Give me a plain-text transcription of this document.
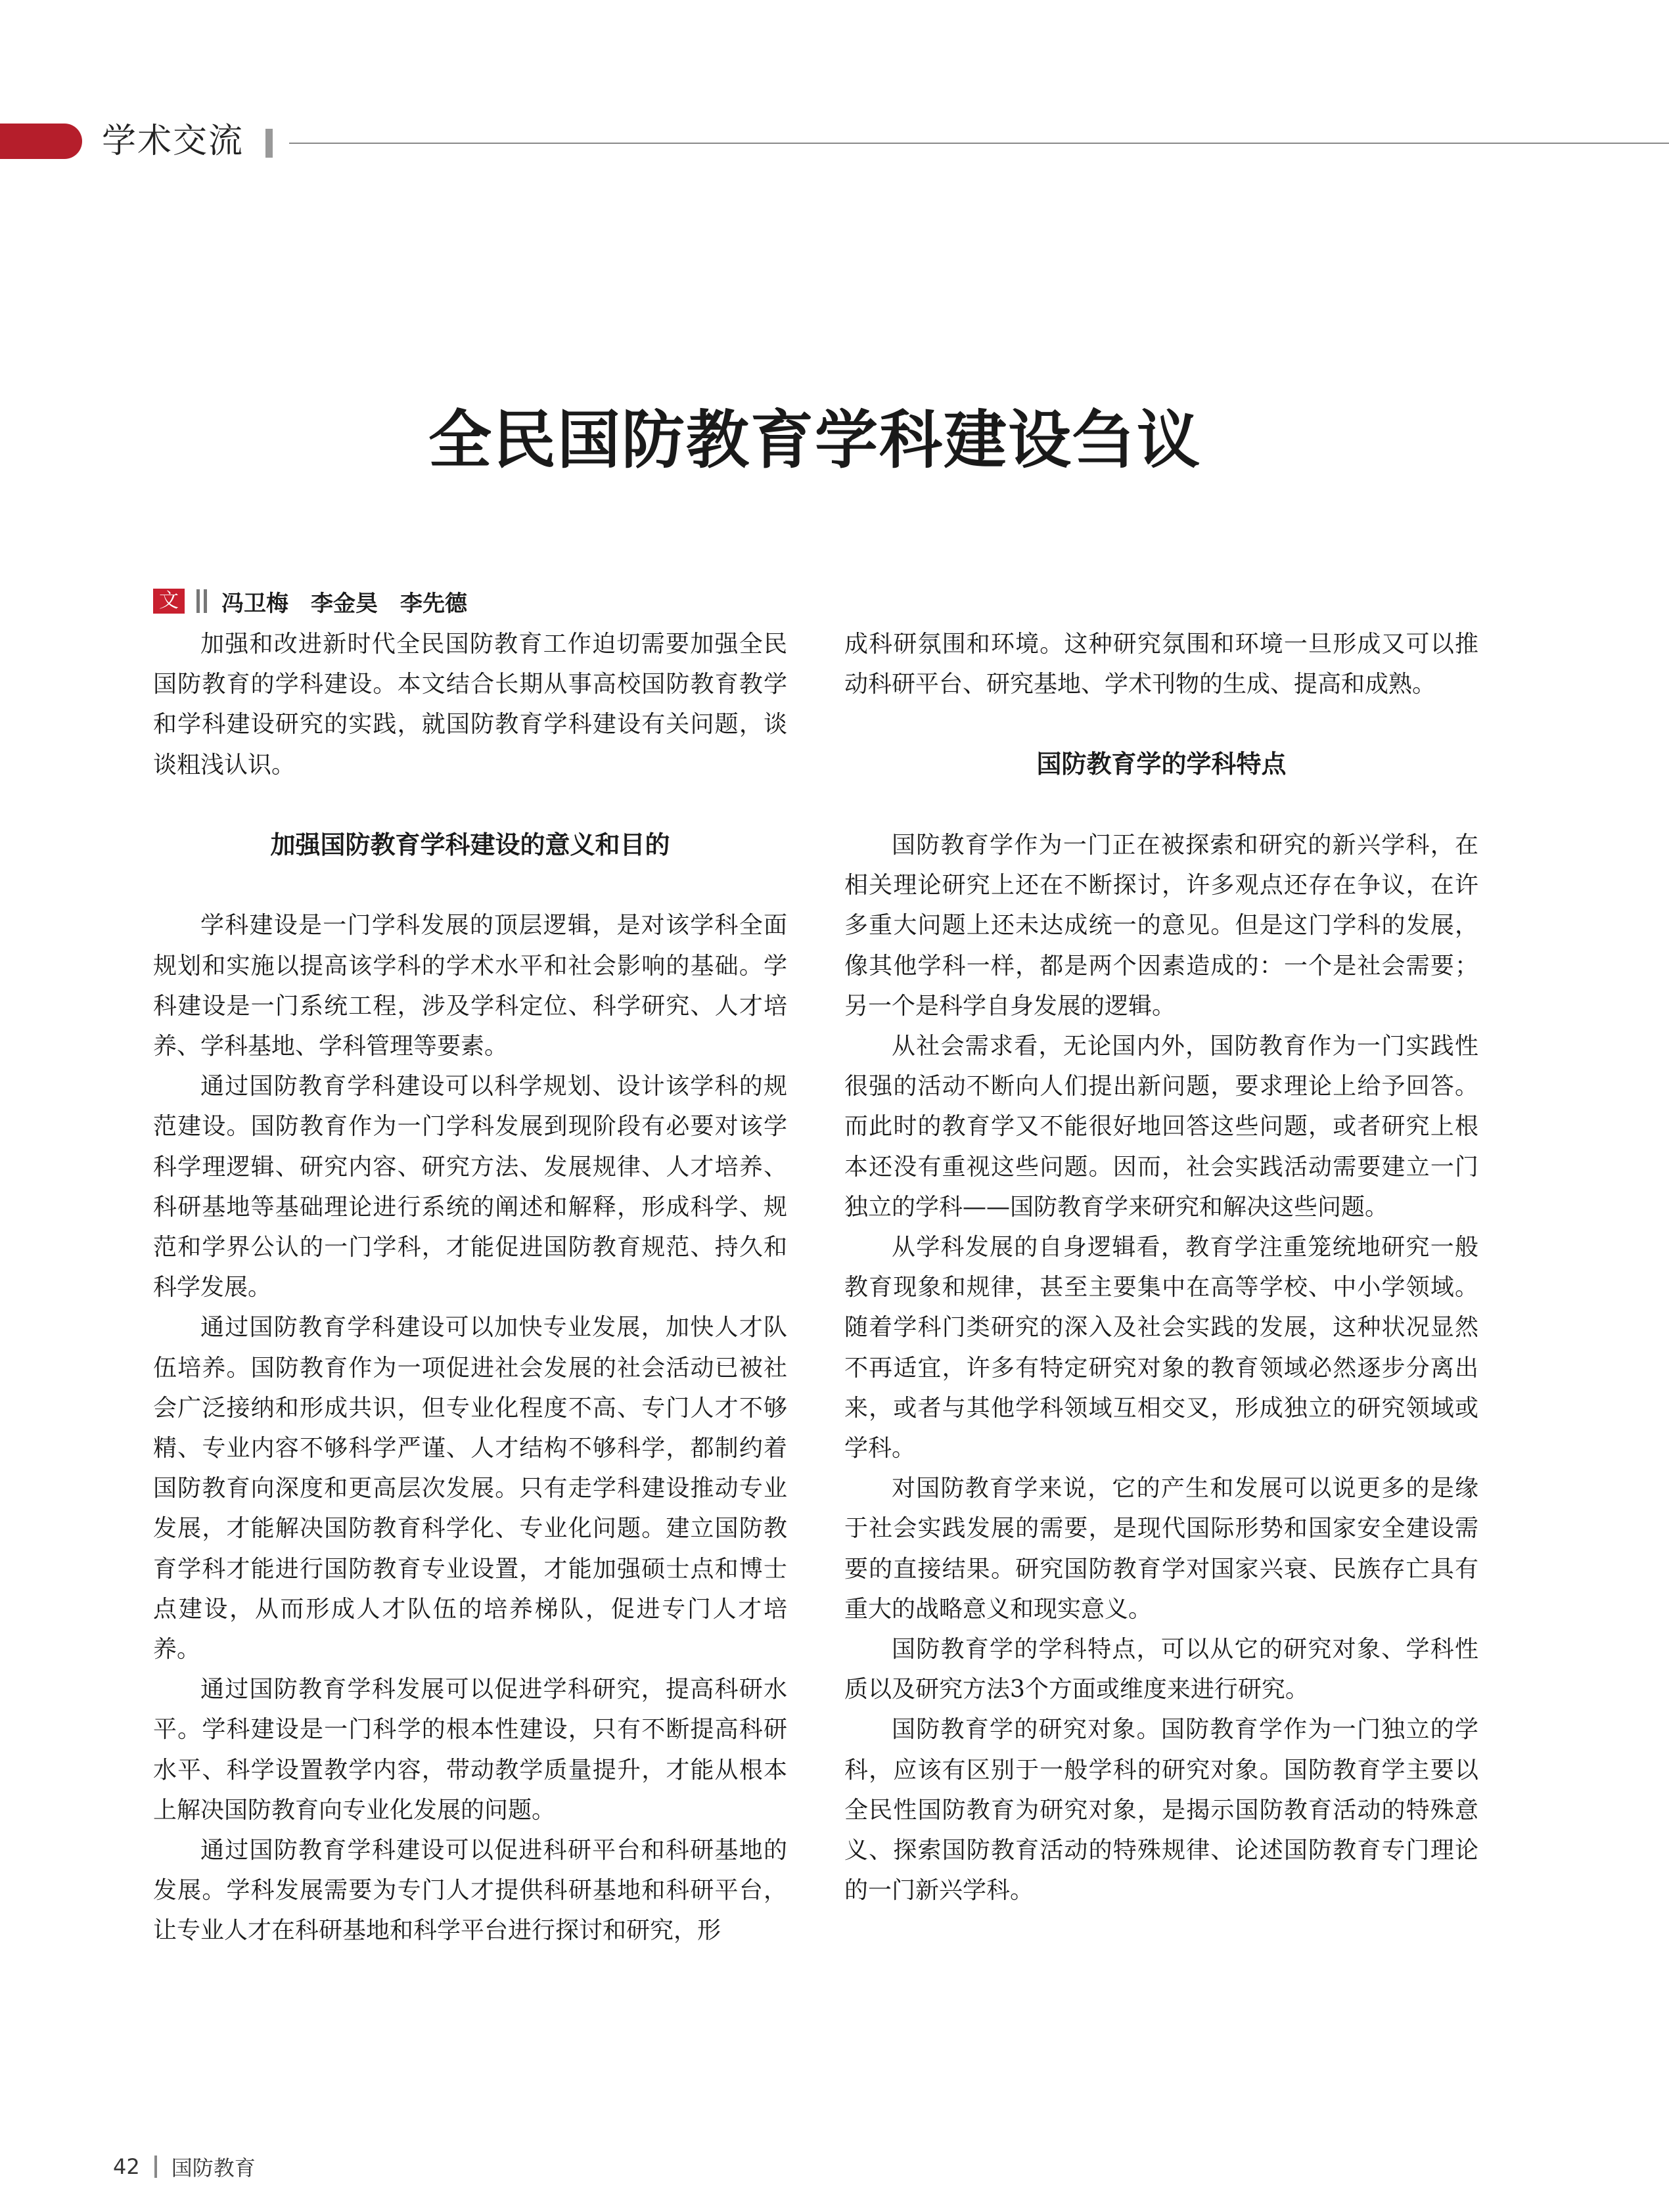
学术交流
全民国防教育学科建设刍议
文 冯卫梅　李金昊　李先德

加强和改进新时代全民国防教育工作迫切需要加强全民国防教育的学科建设。本文结合长期从事高校国防教育教学和学科建设研究的实践，就国防教育学科建设有关问题，谈谈粗浅认识。

加强国防教育学科建设的意义和目的

学科建设是一门学科发展的顶层逻辑，是对该学科全面规划和实施以提高该学科的学术水平和社会影响的基础。学科建设是一门系统工程，涉及学科定位、科学研究、人才培养、学科基地、学科管理等要素。

通过国防教育学科建设可以科学规划、设计该学科的规范建设。国防教育作为一门学科发展到现阶段有必要对该学科学理逻辑、研究内容、研究方法、发展规律、人才培养、科研基地等基础理论进行系统的阐述和解释，形成科学、规范和学界公认的一门学科，才能促进国防教育规范、持久和科学发展。

通过国防教育学科建设可以加快专业发展，加快人才队伍培养。国防教育作为一项促进社会发展的社会活动已被社会广泛接纳和形成共识，但专业化程度不高、专门人才不够精、专业内容不够科学严谨、人才结构不够科学，都制约着国防教育向深度和更高层次发展。只有走学科建设推动专业发展，才能解决国防教育科学化、专业化问题。建立国防教育学科才能进行国防教育专业设置，才能加强硕士点和博士点建设，从而形成人才队伍的培养梯队，促进专门人才培养。

通过国防教育学科发展可以促进学科研究，提高科研水平。学科建设是一门科学的根本性建设，只有不断提高科研水平、科学设置教学内容，带动教学质量提升，才能从根本上解决国防教育向专业化发展的问题。

通过国防教育学科建设可以促进科研平台和科研基地的发展。学科发展需要为专门人才提供科研基地和科研平台，让专业人才在科研基地和科学平台进行探讨和研究，形

成科研氛围和环境。这种研究氛围和环境一旦形成又可以推动科研平台、研究基地、学术刊物的生成、提高和成熟。

国防教育学的学科特点

国防教育学作为一门正在被探索和研究的新兴学科，在相关理论研究上还在不断探讨，许多观点还存在争议，在许多重大问题上还未达成统一的意见。但是这门学科的发展，像其他学科一样，都是两个因素造成的：一个是社会需要；另一个是科学自身发展的逻辑。

从社会需求看，无论国内外，国防教育作为一门实践性很强的活动不断向人们提出新问题，要求理论上给予回答。而此时的教育学又不能很好地回答这些问题，或者研究上根本还没有重视这些问题。因而，社会实践活动需要建立一门独立的学科——国防教育学来研究和解决这些问题。

从学科发展的自身逻辑看，教育学注重笼统地研究一般教育现象和规律，甚至主要集中在高等学校、中小学领域。随着学科门类研究的深入及社会实践的发展，这种状况显然不再适宜，许多有特定研究对象的教育领域必然逐步分离出来，或者与其他学科领域互相交叉，形成独立的研究领域或学科。

对国防教育学来说，它的产生和发展可以说更多的是缘于社会实践发展的需要，是现代国际形势和国家安全建设需要的直接结果。研究国防教育学对国家兴衰、民族存亡具有重大的战略意义和现实意义。

国防教育学的学科特点，可以从它的研究对象、学科性质以及研究方法3个方面或维度来进行研究。

国防教育学的研究对象。国防教育学作为一门独立的学科，应该有区别于一般学科的研究对象。国防教育学主要以全民性国防教育为研究对象，是揭示国防教育活动的特殊意义、探索国防教育活动的特殊规律、论述国防教育专门理论的一门新兴学科。

42 国防教育
